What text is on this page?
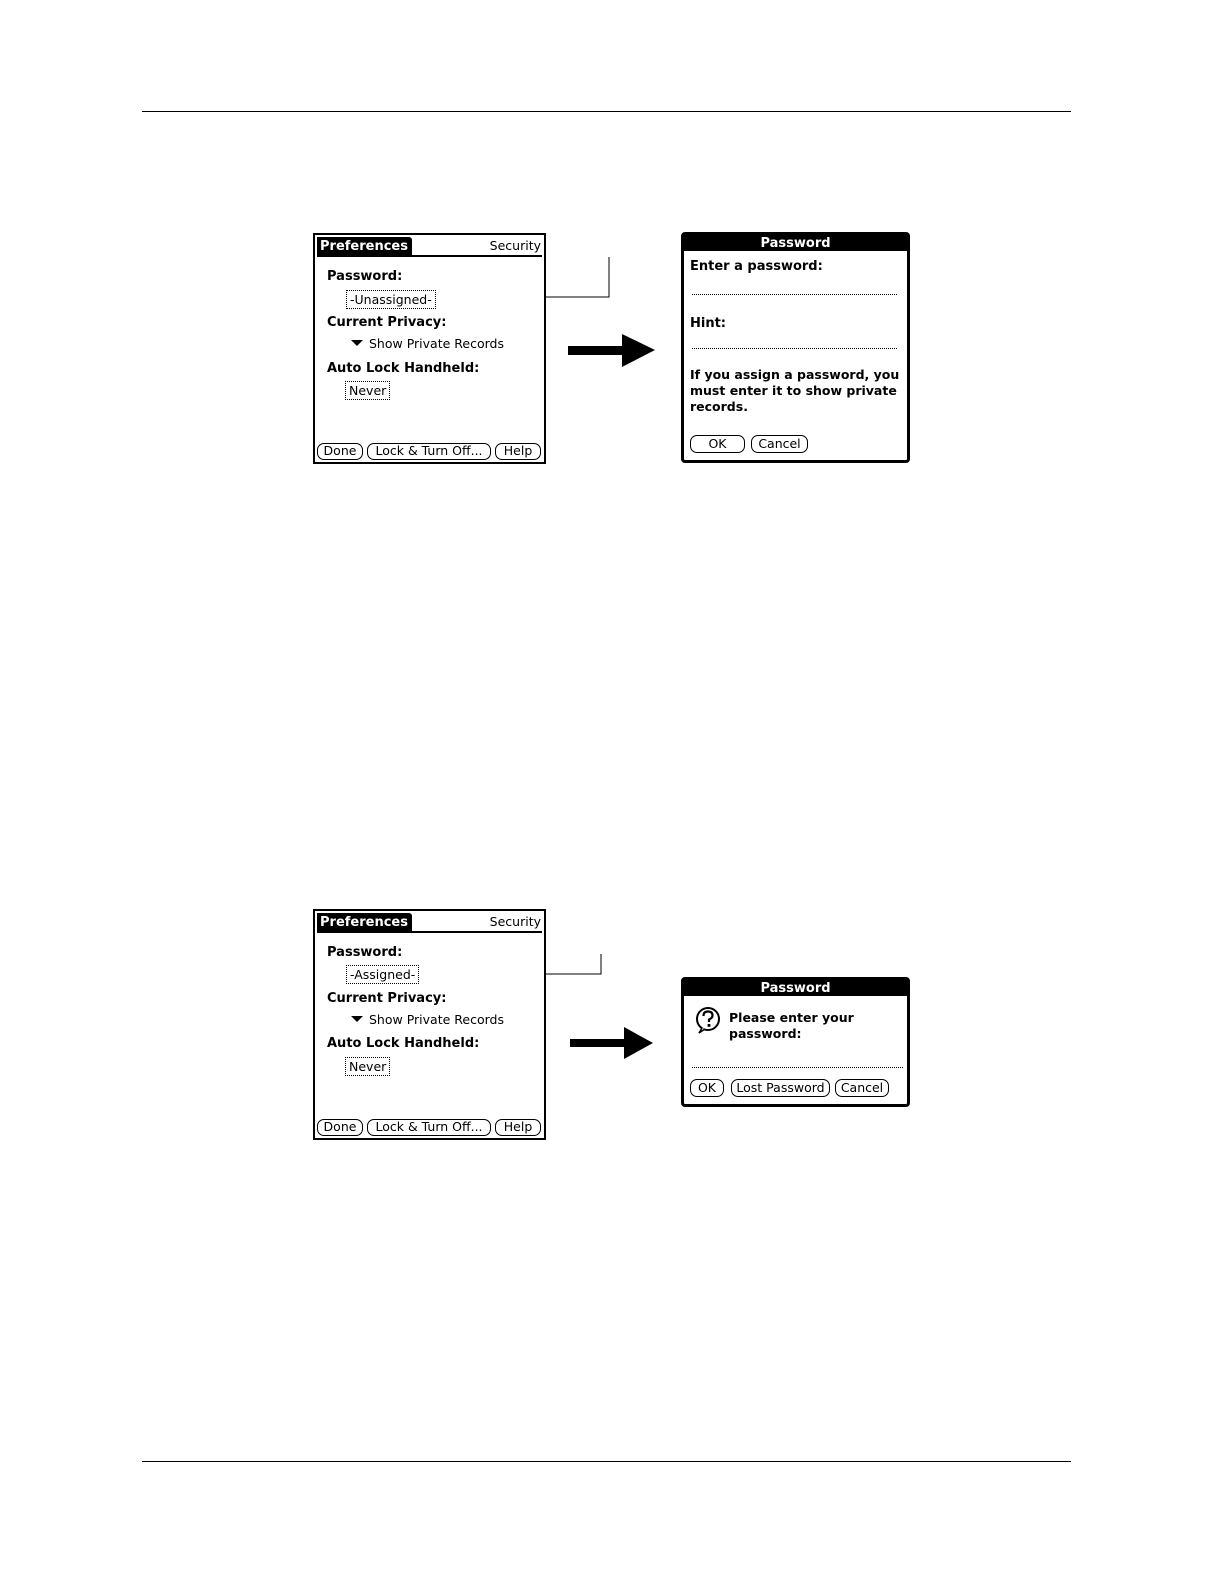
Preferences	Security
Password:
-Unassigned-
Current Privacy:
Show Private Records
Auto Lock Handheld:
Never
Done	Lock & Turn Off...	Help
Password
Enter a password:
Hint:
If you assign a password, you must enter it to show private records.
OK	Cancel
Preferences	Security
Password:
-Assigned-
Current Privacy:
Show Private Records
Auto Lock Handheld:
Never
Done	Lock & Turn Off...	Help
Password
Please enter your password:
OK	Lost Password	Cancel
